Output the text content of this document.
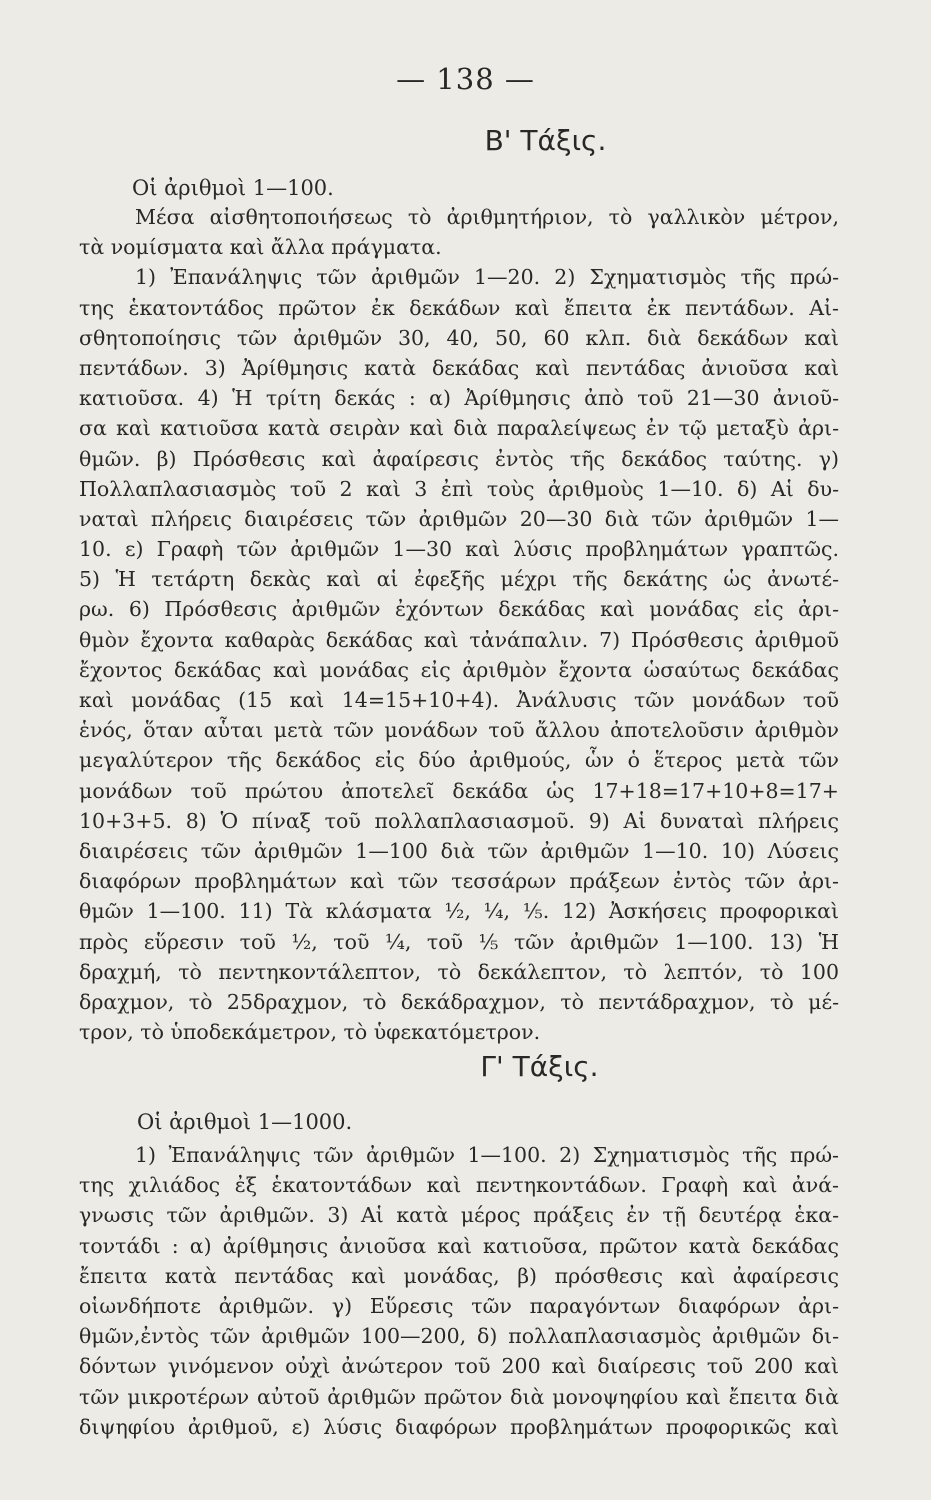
— 138 —
Β' Τάξις.
Οἱ ἀριθμοὶ 1—100.
Μέσα αἰσθητοποιήσεως τὸ ἀριθμητήριον, τὸ γαλλικὸν μέτρον,
τὰ νομίσματα καὶ ἄλλα πράγματα.
1) Ἐπανάληψις τῶν ἀριθμῶν 1—20. 2) Σχηματισμὸς τῆς πρώ-
της ἑκατοντάδος πρῶτον ἐκ δεκάδων καὶ ἔπειτα ἐκ πεντάδων. Αἰ-
σθητοποίησις τῶν ἀριθμῶν 30, 40, 50, 60 κλπ. διὰ δεκάδων καὶ
πεντάδων. 3) Ἀρίθμησις κατὰ δεκάδας καὶ πεντάδας ἀνιοῦσα καὶ
κατιοῦσα. 4) Ἡ τρίτη δεκάς : α) Ἀρίθμησις ἀπὸ τοῦ 21—30 ἀνιοῦ-
σα καὶ κατιοῦσα κατὰ σειρὰν καὶ διὰ παραλείψεως ἐν τῷ μεταξὺ ἀρι-
θμῶν. β) Πρόσθεσις καὶ ἀφαίρεσις ἐντὸς τῆς δεκάδος ταύτης. γ)
Πολλαπλασιασμὸς τοῦ 2 καὶ 3 ἐπὶ τοὺς ἀριθμοὺς 1—10. δ) Αἱ δυ-
ναταὶ πλήρεις διαιρέσεις τῶν ἀριθμῶν 20—30 διὰ τῶν ἀριθμῶν 1—
10. ε) Γραφὴ τῶν ἀριθμῶν 1—30 καὶ λύσις προβλημάτων γραπτῶς.
5) Ἡ τετάρτη δεκὰς καὶ αἱ ἐφεξῆς μέχρι τῆς δεκάτης ὡς ἀνωτέ-
ρω. 6) Πρόσθεσις ἀριθμῶν ἐχόντων δεκάδας καὶ μονάδας εἰς ἀρι-
θμὸν ἔχοντα καθαρὰς δεκάδας καὶ τἀνάπαλιν. 7) Πρόσθεσις ἀριθμοῦ
ἔχοντος δεκάδας καὶ μονάδας εἰς ἀριθμὸν ἔχοντα ὡσαύτως δεκάδας
καὶ μονάδας (15 καὶ 14=15+10+4). Ἀνάλυσις τῶν μονάδων τοῦ
ἑνός, ὅταν αὗται μετὰ τῶν μονάδων τοῦ ἄλλου ἀποτελοῦσιν ἀριθμὸν
μεγαλύτερον τῆς δεκάδος εἰς δύο ἀριθμούς, ὧν ὁ ἕτερος μετὰ τῶν
μονάδων τοῦ πρώτου ἀποτελεῖ δεκάδα ὡς 17+18=17+10+8=17+
10+3+5. 8) Ὁ πίναξ τοῦ πολλαπλασιασμοῦ. 9) Αἱ δυναταὶ πλήρεις
διαιρέσεις τῶν ἀριθμῶν 1—100 διὰ τῶν ἀριθμῶν 1—10. 10) Λύσεις
διαφόρων προβλημάτων καὶ τῶν τεσσάρων πράξεων ἐντὸς τῶν ἀρι-
θμῶν 1—100. 11) Τὰ κλάσματα ½, ¼, ⅕. 12) Ἀσκήσεις προφορικαὶ
πρὸς εὕρεσιν τοῦ ½, τοῦ ¼, τοῦ ⅕ τῶν ἀριθμῶν 1—100. 13) Ἡ
δραχμή, τὸ πεντηκοντάλεπτον, τὸ δεκάλεπτον, τὸ λεπτόν, τὸ 100
δραχμον, τὸ 25δραχμον, τὸ δεκάδραχμον, τὸ πεντάδραχμον, τὸ μέ-
τρον, τὸ ὑποδεκάμετρον, τὸ ὑφεκατόμετρον.
Γ' Τάξις.
Οἱ ἀριθμοὶ 1—1000.
1) Ἐπανάληψις τῶν ἀριθμῶν 1—100. 2) Σχηματισμὸς τῆς πρώ-
της χιλιάδος ἐξ ἑκατοντάδων καὶ πεντηκοντάδων. Γραφὴ καὶ ἀνά-
γνωσις τῶν ἀριθμῶν. 3) Αἱ κατὰ μέρος πράξεις ἐν τῇ δευτέρᾳ ἑκα-
τοντάδι : α) ἀρίθμησις ἀνιοῦσα καὶ κατιοῦσα, πρῶτον κατὰ δεκάδας
ἔπειτα κατὰ πεντάδας καὶ μονάδας, β) πρόσθεσις καὶ ἀφαίρεσις
οἱωνδήποτε ἀριθμῶν. γ) Εὕρεσις τῶν παραγόντων διαφόρων ἀρι-
θμῶν,ἐντὸς τῶν ἀριθμῶν 100—200, δ) πολλαπλασιασμὸς ἀριθμῶν δι-
δόντων γινόμενον οὐχὶ ἀνώτερον τοῦ 200 καὶ διαίρεσις τοῦ 200 καὶ
τῶν μικροτέρων αὐτοῦ ἀριθμῶν πρῶτον διὰ μονοψηφίου καὶ ἔπειτα διὰ
διψηφίου ἀριθμοῦ, ε) λύσις διαφόρων προβλημάτων προφορικῶς καὶ
